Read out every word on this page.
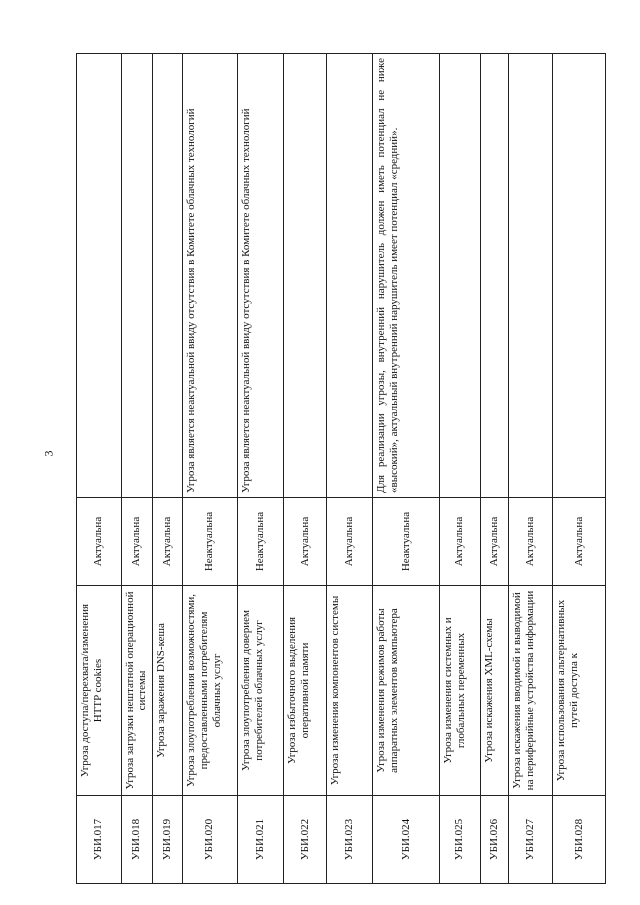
3
УБИ.017	Угроза доступа/перехвата/изменения HTTP cookies	Актуальна	
УБИ.018	Угроза загрузки нештатной операционной системы	Актуальна	
УБИ.019	Угроза заражения DNS-кеша	Актуальна	
УБИ.020	Угроза злоупотребления возможностями, предоставленными потребителям облачных услуг	Неактуальна	Угроза является неактуальной ввиду отсутствия в Комитете облачных технологий
УБИ.021	Угроза злоупотребления доверием потребителей облачных услуг	Неактуальна	Угроза является неактуальной ввиду отсутствия в Комитете облачных технологий
УБИ.022	Угроза избыточного выделения оперативной памяти	Актуальна	
УБИ.023	Угроза изменения компонентов системы	Актуальна	
УБИ.024	Угроза изменения режимов работы аппаратных элементов компьютера	Неактуальна	Для реализации угрозы, внутренний нарушитель должен иметь потенциал не ниже «высокий», актуальный внутренний нарушитель имеет потенциал «средний».
УБИ.025	Угроза изменения системных и глобальных переменных	Актуальна	
УБИ.026	Угроза искажения XML-схемы	Актуальна	
УБИ.027	Угроза искажения вводимой и выводимой на периферийные устройства информации	Актуальна	
УБИ.028	Угроза использования альтернативных путей доступа к	Актуальна	
